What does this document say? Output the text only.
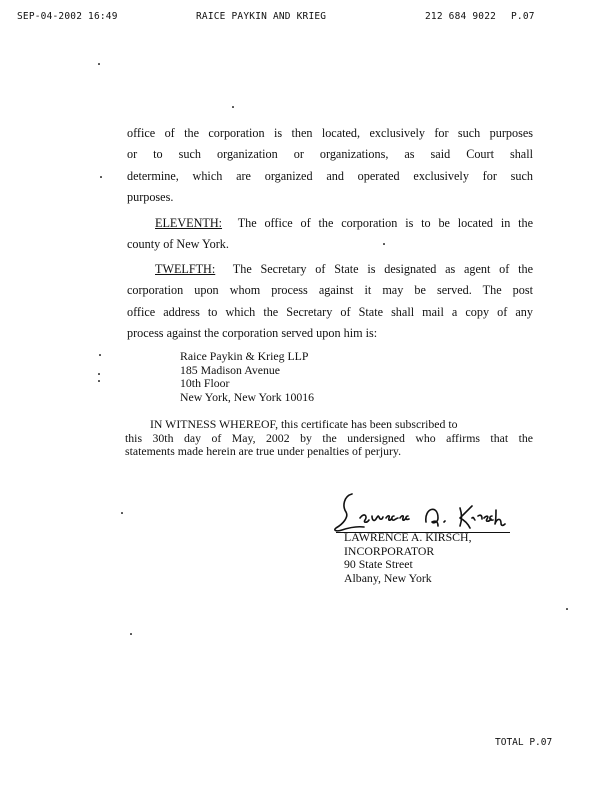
SEP-04-2002 16:49	RAICE PAYKIN AND KRIEG	212 684 9022 P.07
office of the corporation is then located, exclusively for such purposes
or to such organization or organizations, as said Court shall
determine, which are organized and operated exclusively for such
purposes.
ELEVENTH: The office of the corporation is to be located in the
county of New York.
TWELFTH: The Secretary of State is designated as agent of the
corporation upon whom process against it may be served. The post
office address to which the Secretary of State shall mail a copy of any
process against the corporation served upon him is:
Raice Paykin & Krieg LLP
185 Madison Avenue
10th Floor
New York, New York 10016
IN WITNESS WHEREOF, this certificate has been subscribed to
this 30th day of May, 2002 by the undersigned who affirms that the
statements made herein are true under penalties of perjury.
LAWRENCE A. KIRSCH,
INCORPORATOR
90 State Street
Albany, New York
TOTAL P.07
